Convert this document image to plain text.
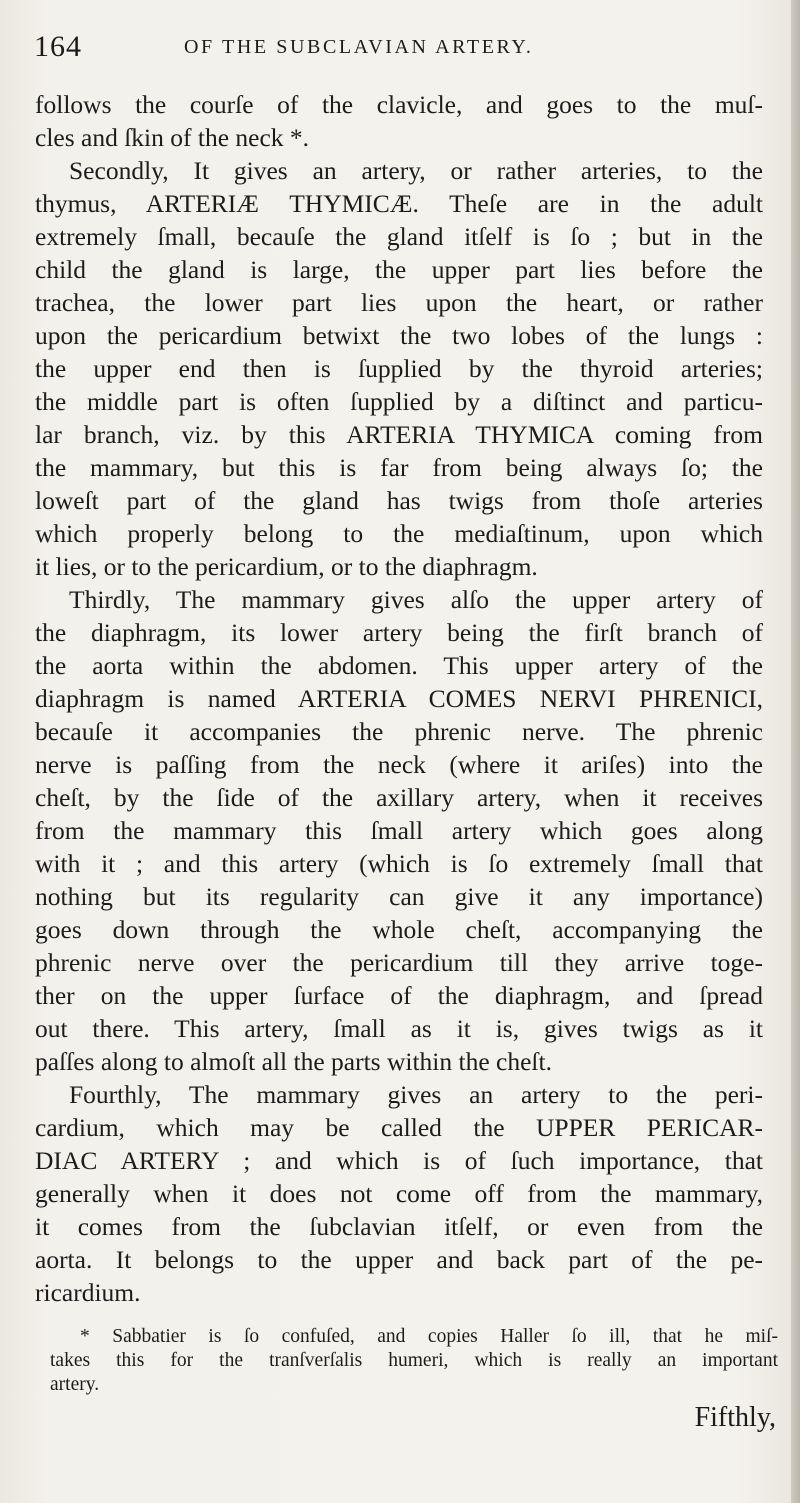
164	OF THE SUBCLAVIAN ARTERY.

follows the courſe of the clavicle, and goes to the muſ-
cles and ſkin of the neck *.

Secondly, It gives an artery, or rather arteries, to the
thymus, ARTERIÆ THYMICÆ. Theſe are in the adult
extremely ſmall, becauſe the gland itſelf is ſo ; but in the
child the gland is large, the upper part lies before the
trachea, the lower part lies upon the heart, or rather
upon the pericardium betwixt the two lobes of the lungs :
the upper end then is ſupplied by the thyroid arteries;
the middle part is often ſupplied by a diſtinct and particu-
lar branch, viz. by this ARTERIA THYMICA coming from
the mammary, but this is far from being always ſo; the
loweſt part of the gland has twigs from thoſe arteries
which properly belong to the mediaſtinum, upon which
it lies, or to the pericardium, or to the diaphragm.

Thirdly, The mammary gives alſo the upper artery of
the diaphragm, its lower artery being the firſt branch of
the aorta within the abdomen. This upper artery of the
diaphragm is named ARTERIA COMES NERVI PHRENICI,
becauſe it accompanies the phrenic nerve. The phrenic
nerve is paſſing from the neck (where it ariſes) into the
cheſt, by the ſide of the axillary artery, when it receives
from the mammary this ſmall artery which goes along
with it ; and this artery (which is ſo extremely ſmall that
nothing but its regularity can give it any importance)
goes down through the whole cheſt, accompanying the
phrenic nerve over the pericardium till they arrive toge-
ther on the upper ſurface of the diaphragm, and ſpread
out there. This artery, ſmall as it is, gives twigs as it
paſſes along to almoſt all the parts within the cheſt.

Fourthly, The mammary gives an artery to the peri-
cardium, which may be called the UPPER PERICAR-
DIAC ARTERY ; and which is of ſuch importance, that
generally when it does not come off from the mammary,
it comes from the ſubclavian itſelf, or even from the
aorta. It belongs to the upper and back part of the pe-
ricardium.

* Sabbatier is ſo confuſed, and copies Haller ſo ill, that he miſ-
takes this for the tranſverſalis humeri, which is really an important
artery.
Fifthly,
